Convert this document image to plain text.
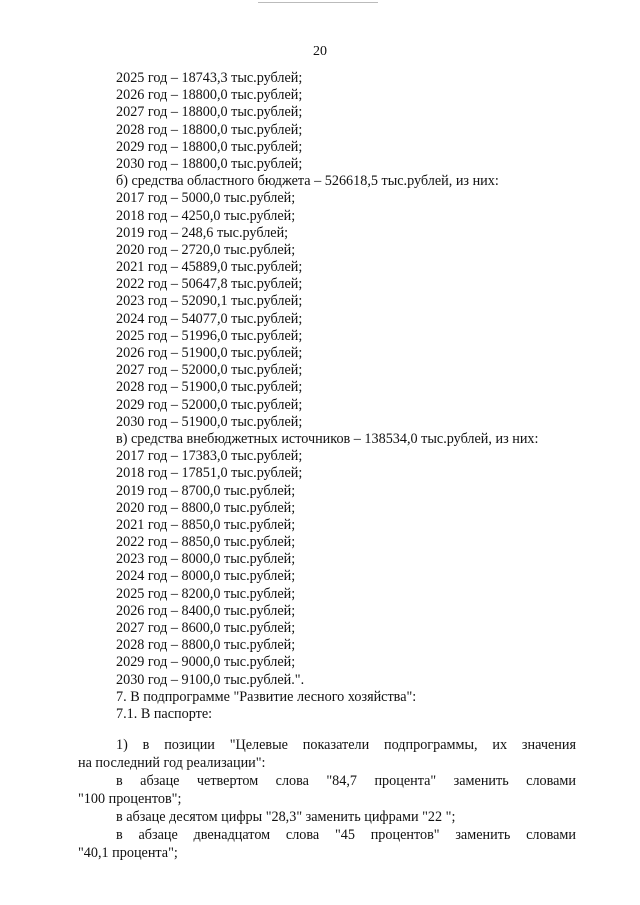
20
2025 год – 18743,3 тыс.рублей;
2026 год – 18800,0 тыс.рублей;
2027 год – 18800,0 тыс.рублей;
2028 год – 18800,0 тыс.рублей;
2029 год – 18800,0 тыс.рублей;
2030 год – 18800,0 тыс.рублей;
б) средства областного бюджета – 526618,5 тыс.рублей, из них:
2017 год – 5000,0 тыс.рублей;
2018 год – 4250,0 тыс.рублей;
2019 год – 248,6 тыс.рублей;
2020 год – 2720,0 тыс.рублей;
2021 год – 45889,0 тыс.рублей;
2022 год – 50647,8 тыс.рублей;
2023 год – 52090,1 тыс.рублей;
2024 год – 54077,0 тыс.рублей;
2025 год – 51996,0 тыс.рублей;
2026 год – 51900,0 тыс.рублей;
2027 год – 52000,0 тыс.рублей;
2028 год – 51900,0 тыс.рублей;
2029 год – 52000,0 тыс.рублей;
2030 год – 51900,0 тыс.рублей;
в) средства внебюджетных источников – 138534,0 тыс.рублей, из них:
2017 год – 17383,0 тыс.рублей;
2018 год – 17851,0 тыс.рублей;
2019 год – 8700,0 тыс.рублей;
2020 год – 8800,0 тыс.рублей;
2021 год – 8850,0 тыс.рублей;
2022 год – 8850,0 тыс.рублей;
2023 год – 8000,0 тыс.рублей;
2024 год – 8000,0 тыс.рублей;
2025 год – 8200,0 тыс.рублей;
2026 год – 8400,0 тыс.рублей;
2027 год – 8600,0 тыс.рублей;
2028 год – 8800,0 тыс.рублей;
2029 год – 9000,0 тыс.рублей;
2030 год – 9100,0 тыс.рублей.".
7. В подпрограмме "Развитие лесного хозяйства":
7.1. В паспорте:
1) в позиции "Целевые показатели подпрограммы, их значения
на последний год реализации":
в абзаце четвертом слова "84,7 процента" заменить словами
"100 процентов";
в абзаце десятом цифры "28,3" заменить цифрами "22 ";
в абзаце двенадцатом слова "45 процентов" заменить словами
"40,1 процента";
